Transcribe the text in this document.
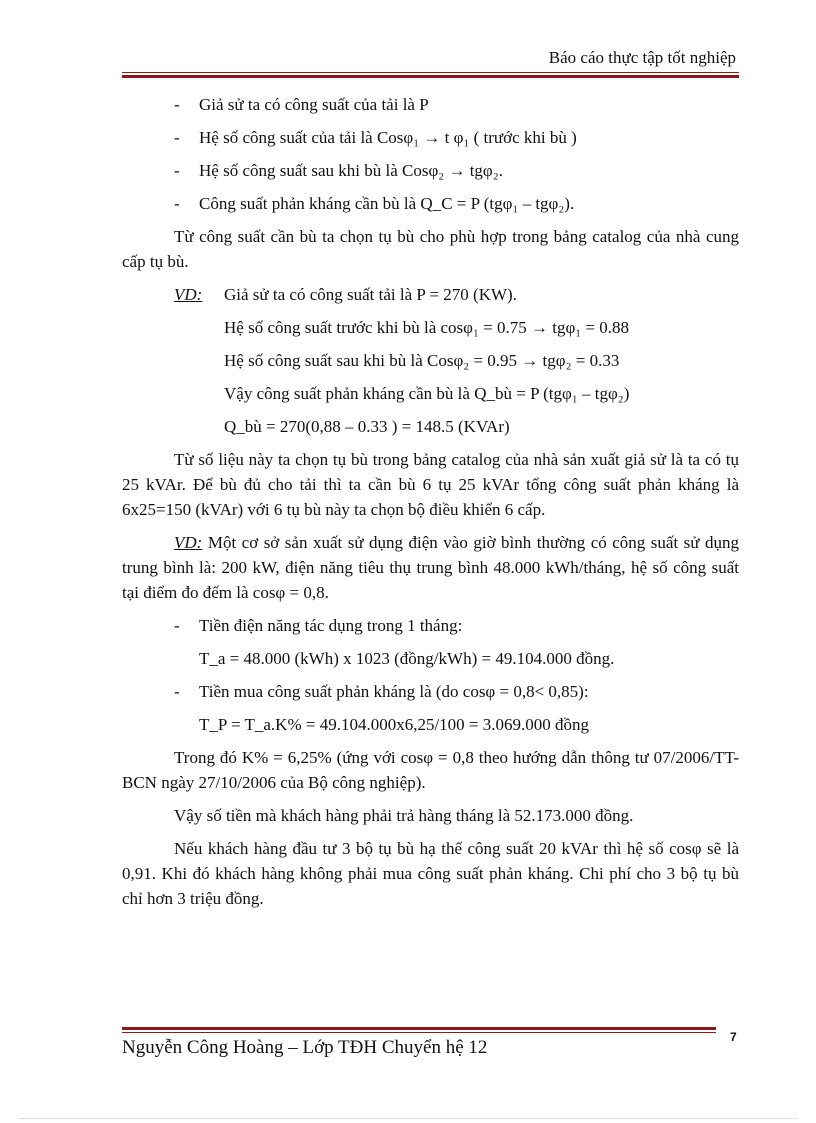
Báo cáo thực tập tốt nghiệp
- Giả sử ta có công suất của tải là P
- Hệ số công suất của tải là Cosφ₁ → t φ₁ ( trước khi bù )
- Hệ số công suất sau khi bù là Cosφ₂ → tgφ₂.
- Công suất phản kháng cần bù là Q_C = P (tgφ₁ – tgφ₂).
Từ công suất cần bù ta chọn tụ bù cho phù hợp trong bảng catalog của nhà cung cấp tụ bù.
VD: Giả sử ta có công suất tải là P = 270 (KW).
Hệ số công suất trước khi bù là cosφ₁ = 0.75 → tgφ₁ = 0.88
Hệ số công suất sau khi bù là Cosφ₂ = 0.95 → tgφ₂ = 0.33
Vậy công suất phản kháng cần bù là Q_bù = P (tgφ₁ – tgφ₂)
Q_bù = 270(0,88 – 0.33 ) = 148.5 (KVAr)
Từ số liệu này ta chọn tụ bù trong bảng catalog của nhà sản xuất giả sử là ta có tụ 25 kVAr. Để bù đủ cho tải thì ta cần bù 6 tụ 25 kVAr tổng công suất phản kháng là 6x25=150 (kVAr) với 6 tụ bù này ta chọn bộ điều khiển 6 cấp.
VD: Một cơ sở sản xuất sử dụng điện vào giờ bình thường có công suất sử dụng trung bình là: 200 kW, điện năng tiêu thụ trung bình 48.000 kWh/tháng, hệ số công suất tại điểm đo đếm là cosφ = 0,8.
- Tiền điện năng tác dụng trong 1 tháng:
T_a = 48.000 (kWh) x 1023 (đồng/kWh) = 49.104.000 đồng.
- Tiền mua công suất phản kháng là (do cosφ = 0,8< 0,85):
T_P = T_a.K% = 49.104.000x6,25/100 = 3.069.000 đồng
Trong đó K% = 6,25% (ứng với cosφ = 0,8 theo hướng dẫn thông tư 07/2006/TT-BCN ngày 27/10/2006 của Bộ công nghiệp).
Vậy số tiền mà khách hàng phải trả hàng tháng là 52.173.000 đồng.
Nếu khách hàng đầu tư 3 bộ tụ bù hạ thế công suất 20 kVAr thì hệ số cosφ sẽ là 0,91. Khi đó khách hàng không phải mua công suất phản kháng. Chi phí cho 3 bộ tụ bù chỉ hơn 3 triệu đồng.
7
Nguyễn Công Hoàng – Lớp TĐH Chuyển hệ 12
